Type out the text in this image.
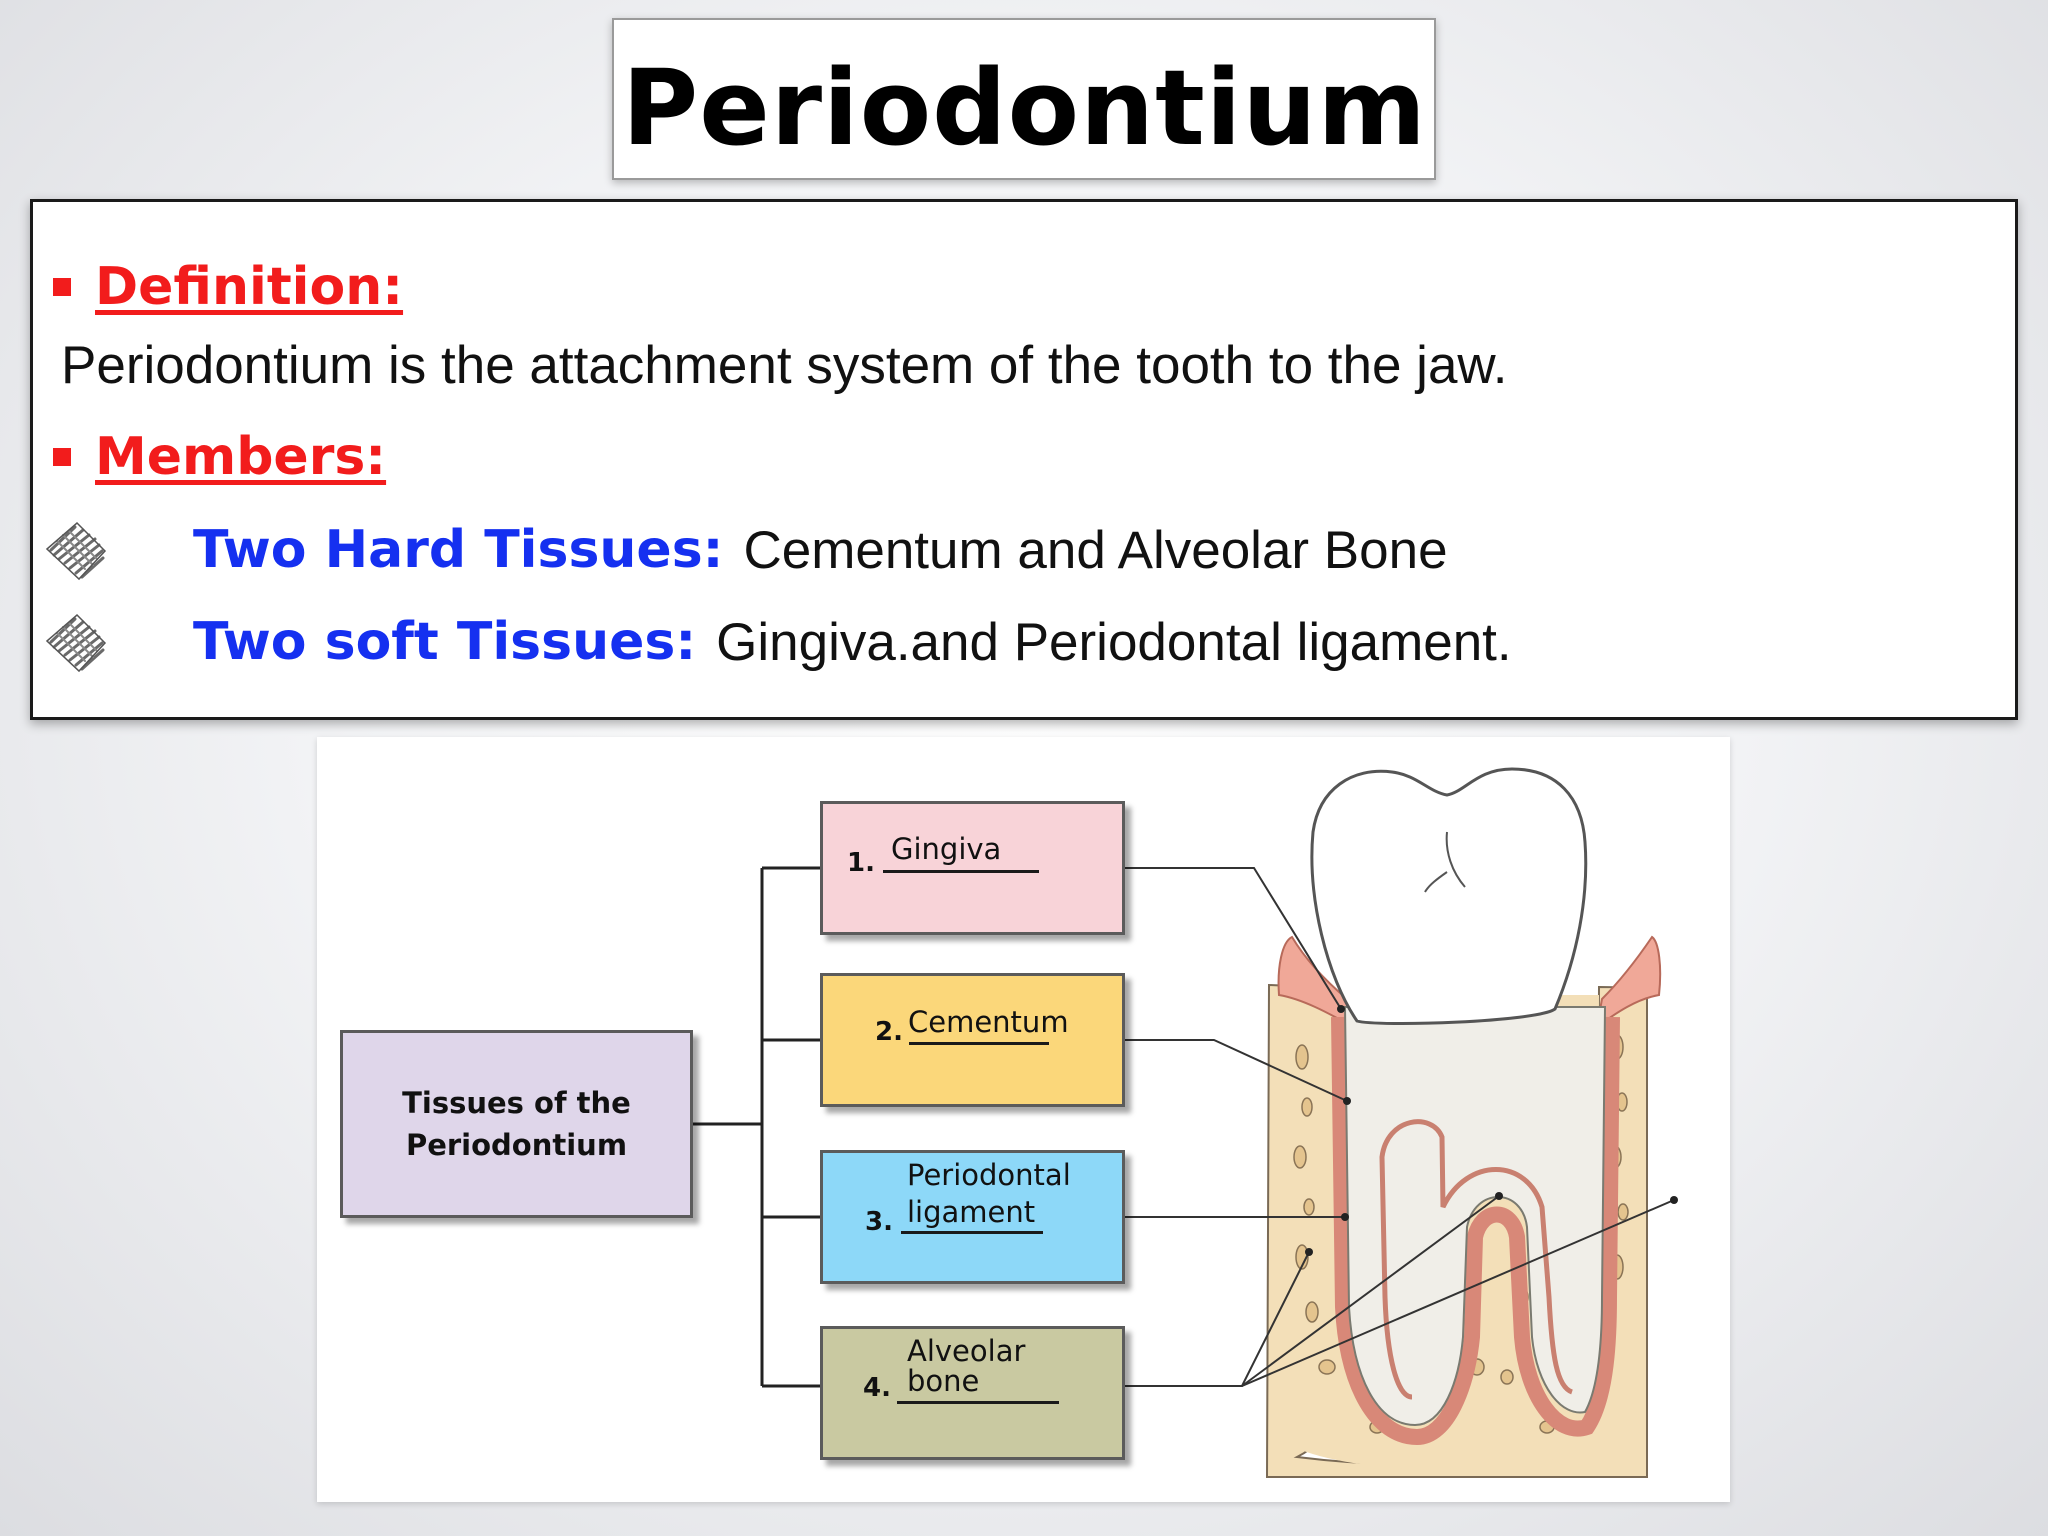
Periodontium
Definition:
Periodontium is the attachment system of the tooth to the jaw.
Members:
Two Hard Tissues: Cementum and Alveolar Bone
Two soft Tissues: Gingiva.and Periodontal ligament.
Tissues of the
Periodontium
1. Gingiva
2. Cementum
Periodontal
3. ligament
Alveolar
4. bone
